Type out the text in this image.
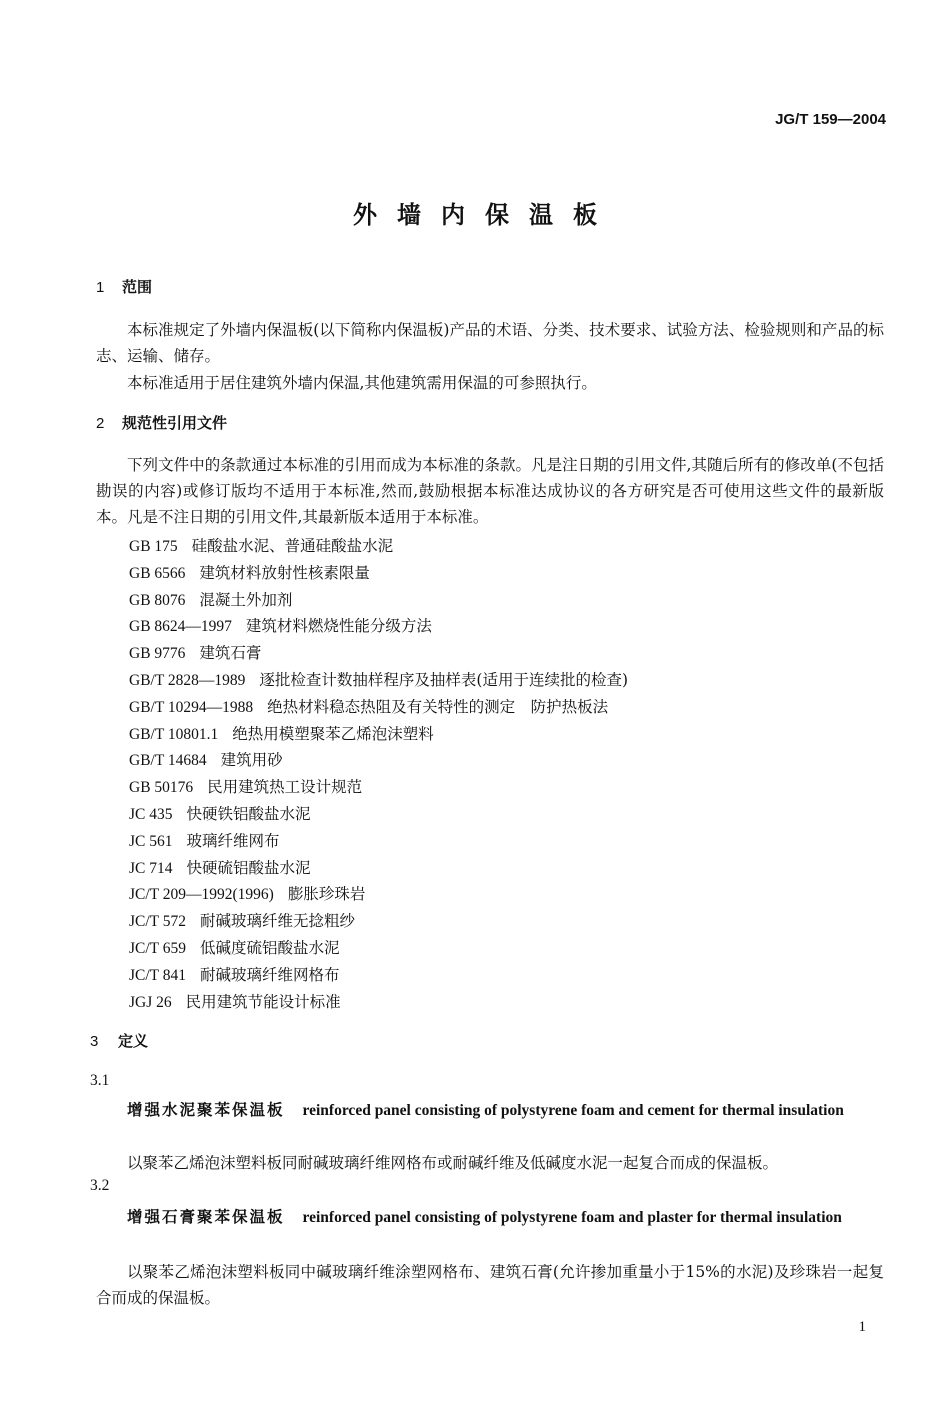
JG/T 159—2004
外墙内保温板
1 范围
本标准规定了外墙内保温板(以下简称内保温板)产品的术语、分类、技术要求、试验方法、检验规则和产品的标志、运输、储存。
本标准适用于居住建筑外墙内保温,其他建筑需用保温的可参照执行。
2 规范性引用文件
下列文件中的条款通过本标准的引用而成为本标准的条款。凡是注日期的引用文件,其随后所有的修改单(不包括勘误的内容)或修订版均不适用于本标准,然而,鼓励根据本标准达成协议的各方研究是否可使用这些文件的最新版本。凡是不注日期的引用文件,其最新版本适用于本标准。
GB 175 硅酸盐水泥、普通硅酸盐水泥
GB 6566 建筑材料放射性核素限量
GB 8076 混凝土外加剂
GB 8624—1997 建筑材料燃烧性能分级方法
GB 9776 建筑石膏
GB/T 2828—1989 逐批检查计数抽样程序及抽样表(适用于连续批的检查)
GB/T 10294—1988 绝热材料稳态热阻及有关特性的测定　防护热板法
GB/T 10801.1 绝热用模塑聚苯乙烯泡沫塑料
GB/T 14684 建筑用砂
GB 50176 民用建筑热工设计规范
JC 435 快硬铁铝酸盐水泥
JC 561 玻璃纤维网布
JC 714 快硬硫铝酸盐水泥
JC/T 209—1992(1996) 膨胀珍珠岩
JC/T 572 耐碱玻璃纤维无捻粗纱
JC/T 659 低碱度硫铝酸盐水泥
JC/T 841 耐碱玻璃纤维网格布
JGJ 26 民用建筑节能设计标准
3 定义
3.1
增强水泥聚苯保温板 reinforced panel consisting of polystyrene foam and cement for thermal insulation
以聚苯乙烯泡沫塑料板同耐碱玻璃纤维网格布或耐碱纤维及低碱度水泥一起复合而成的保温板。
3.2
增强石膏聚苯保温板 reinforced panel consisting of polystyrene foam and plaster for thermal insulation
以聚苯乙烯泡沫塑料板同中碱玻璃纤维涂塑网格布、建筑石膏(允许掺加重量小于15%的水泥)及珍珠岩一起复合而成的保温板。
1
